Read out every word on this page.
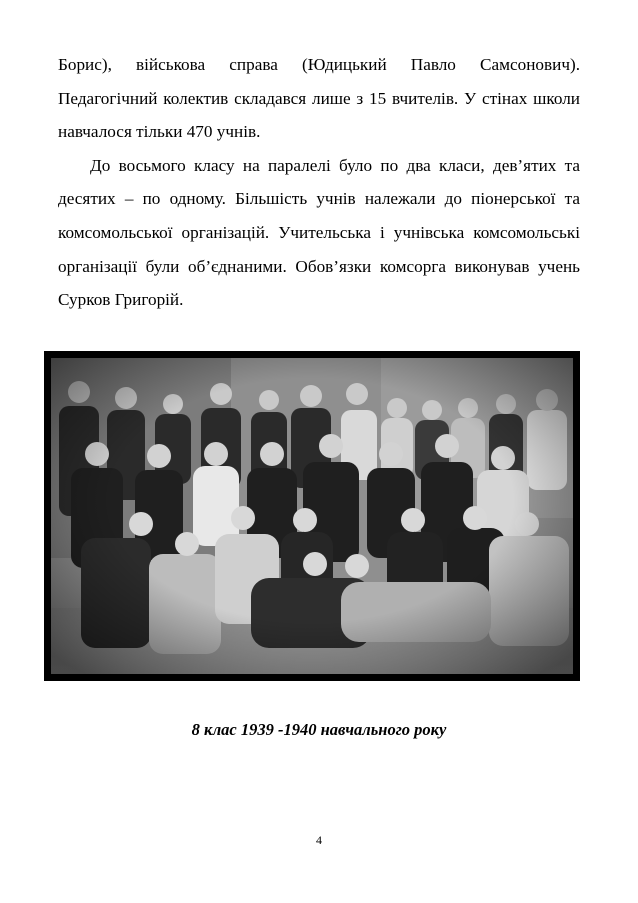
Борис), військова справа (Юдицький Павло Самсонович). Педагогічний колектив складався лише з 15 вчителів. У стінах школи навчалося тільки 470 учнів.

До восьмого класу на паралелі було по два класи, дев’ятих та десятих – по одному. Більшість учнів належали до піонерської та комсомольської організацій. Учительська і учнівська комсомольські організації були об’єднаними. Обов’язки комсорга виконував учень Сурков Григорій.

8 клас 1939 -1940 навчального року
4
